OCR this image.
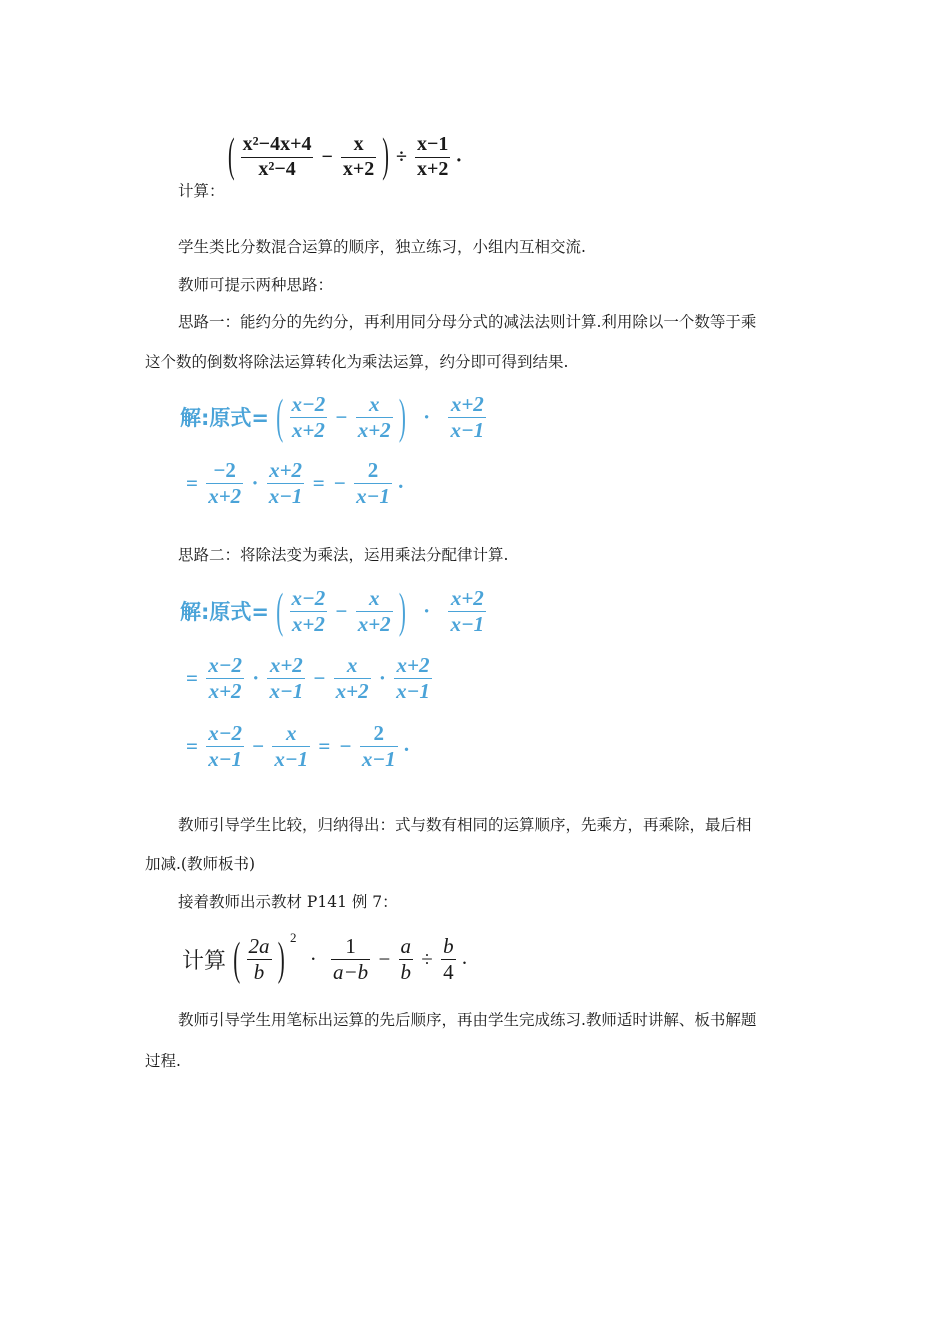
计算：
( $\frac{\text{x²−4x+4}}{\text{x²−4}} - \frac{x}{x+2}$ ) ÷ $\frac{x-1}{x+2}$ .
学生类比分数混合运算的顺序，独立练习，小组内互相交流.
教师可提示两种思路：
思路一：能约分的先约分，再利用同分母分式的减法法则计算.利用除以一个数等于乘
这个数的倒数将除法运算转化为乘法运算，约分即可得到结果.
解:原式= ( $\frac{x-2}{x+2} - \frac{x}{x+2}$ ) · $\frac{x+2}{x-1}$
= $\frac{-2}{x+2} \cdot \frac{x+2}{x-1}$ = − $\frac{2}{x-1}$ .
思路二：将除法变为乘法，运用乘法分配律计算.
解:原式= ( $\frac{x-2}{x+2} - \frac{x}{x+2}$ ) · $\frac{x+2}{x-1}$
= $\frac{x-2}{x+2} \cdot \frac{x+2}{x-1} - \frac{x}{x+2} \cdot \frac{x+2}{x-1}$
= $\frac{x-2}{x-1} - \frac{x}{x-1}$ = − $\frac{2}{x-1}$ .
教师引导学生比较，归纳得出：式与数有相同的运算顺序，先乘方，再乘除，最后相
加减.(教师板书)
接着教师出示教材 P141 例 7：
计算 ( $\frac{2a}{b}$ ) $^2 \cdot \frac{1}{a-b} - \frac{a}{b} \div \frac{b}{4}$ .
教师引导学生用笔标出运算的先后顺序，再由学生完成练习.教师适时讲解、板书解题
过程.
